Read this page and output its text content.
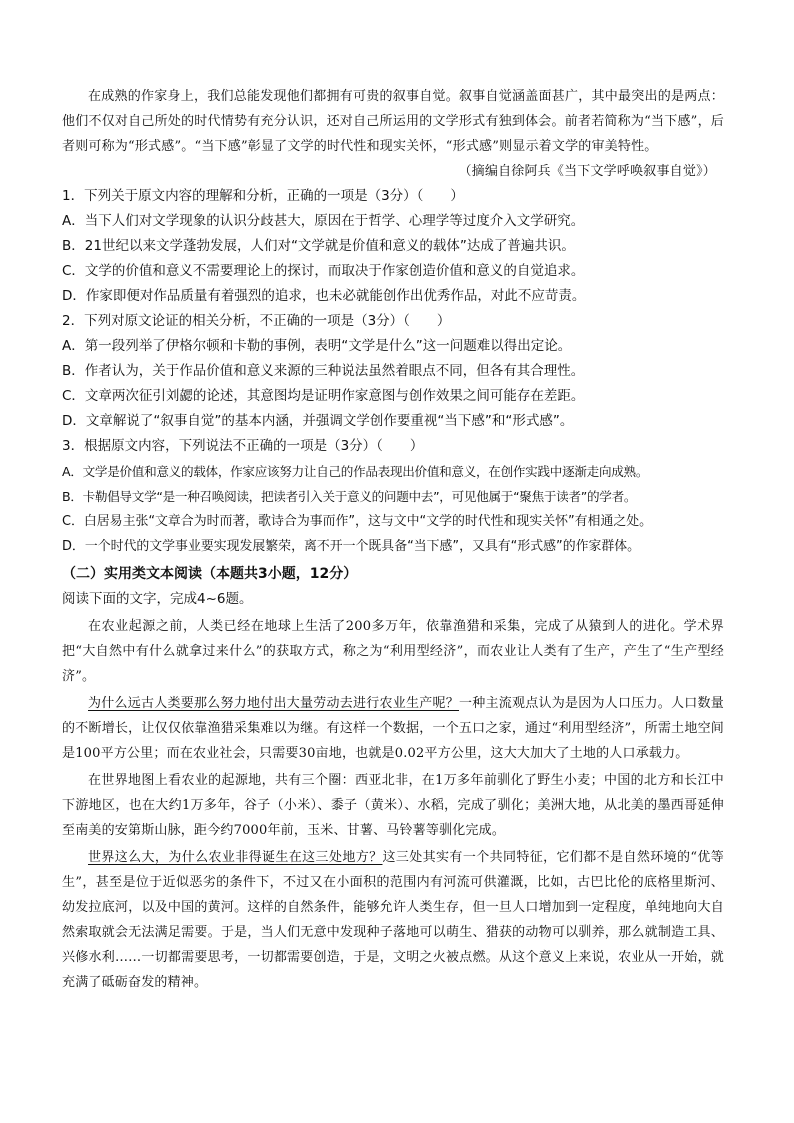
在成熟的作家身上，我们总能发现他们都拥有可贵的叙事自觉。叙事自觉涵盖面甚广，其中最突出的是两点：他们不仅对自己所处的时代情势有充分认识，还对自己所运用的文学形式有独到体会。前者若简称为“当下感”，后者则可称为“形式感”。“当下感”彰显了文学的时代性和现实关怀，“形式感”则显示着文学的审美特性。

（摘编自徐阿兵《当下文学呼唤叙事自觉》）

1．下列关于原文内容的理解和分析，正确的一项是（3分）（　　）

A．当下人们对文学现象的认识分歧甚大，原因在于哲学、心理学等过度介入文学研究。

B．21世纪以来文学蓬勃发展，人们对“文学就是价值和意义的载体”达成了普遍共识。

C．文学的价值和意义不需要理论上的探讨，而取决于作家创造价值和意义的自觉追求。

D．作家即便对作品质量有着强烈的追求，也未必就能创作出优秀作品，对此不应苛责。

2．下列对原文论证的相关分析，不正确的一项是（3分）（　　）

A．第一段列举了伊格尔顿和卡勒的事例，表明“文学是什么”这一问题难以得出定论。

B．作者认为，关于作品价值和意义来源的三种说法虽然着眼点不同，但各有其合理性。

C．文章两次征引刘勰的论述，其意图均是证明作家意图与创作效果之间可能存在差距。

D．文章解说了“叙事自觉”的基本内涵，并强调文学创作要重视“当下感”和“形式感”。

3．根据原文内容，下列说法不正确的一项是（3分）（　　）

A．文学是价值和意义的载体，作家应该努力让自己的作品表现出价值和意义，在创作实践中逐渐走向成熟。

B．卡勒倡导文学“是一种召唤阅读，把读者引入关于意义的问题中去”，可见他属于“聚焦于读者”的学者。

C．白居易主张“文章合为时而著，歌诗合为事而作”，这与文中“文学的时代性和现实关怀”有相通之处。

D．一个时代的文学事业要实现发展繁荣，离不开一个既具备“当下感”，又具有“形式感”的作家群体。

（二）实用类文本阅读（本题共3小题，12分）

阅读下面的文字，完成4~6题。

在农业起源之前，人类已经在地球上生活了200多万年，依靠渔猎和采集，完成了从猿到人的进化。学术界把“大自然中有什么就拿过来什么”的获取方式，称之为“利用型经济”，而农业让人类有了生产，产生了“生产型经济”。

为什么远古人类要那么努力地付出大量劳动去进行农业生产呢？一种主流观点认为是因为人口压力。人口数量的不断增长，让仅仅依靠渔猎采集难以为继。有这样一个数据，一个五口之家，通过“利用型经济”，所需土地空间是100平方公里；而在农业社会，只需要30亩地，也就是0.02平方公里，这大大加大了土地的人口承载力。

在世界地图上看农业的起源地，共有三个圈：西亚北非，在1万多年前驯化了野生小麦；中国的北方和长江中下游地区，也在大约1万多年，谷子（小米）、黍子（黄米）、水稻，完成了驯化；美洲大地，从北美的墨西哥延伸至南美的安第斯山脉，距今约7000年前，玉米、甘薯、马铃薯等驯化完成。

世界这么大，为什么农业非得诞生在这三处地方？这三处其实有一个共同特征，它们都不是自然环境的“优等生”，甚至是位于近似恶劣的条件下，不过又在小面积的范围内有河流可供灌溉，比如，古巴比伦的底格里斯河、幼发拉底河，以及中国的黄河。这样的自然条件，能够允许人类生存，但一旦人口增加到一定程度，单纯地向大自然索取就会无法满足需要。于是，当人们无意中发现种子落地可以萌生、猎获的动物可以驯养，那么就制造工具、兴修水利……一切都需要思考，一切都需要创造，于是，文明之火被点燃。从这个意义上来说，农业从一开始，就充满了砥砺奋发的精神。
